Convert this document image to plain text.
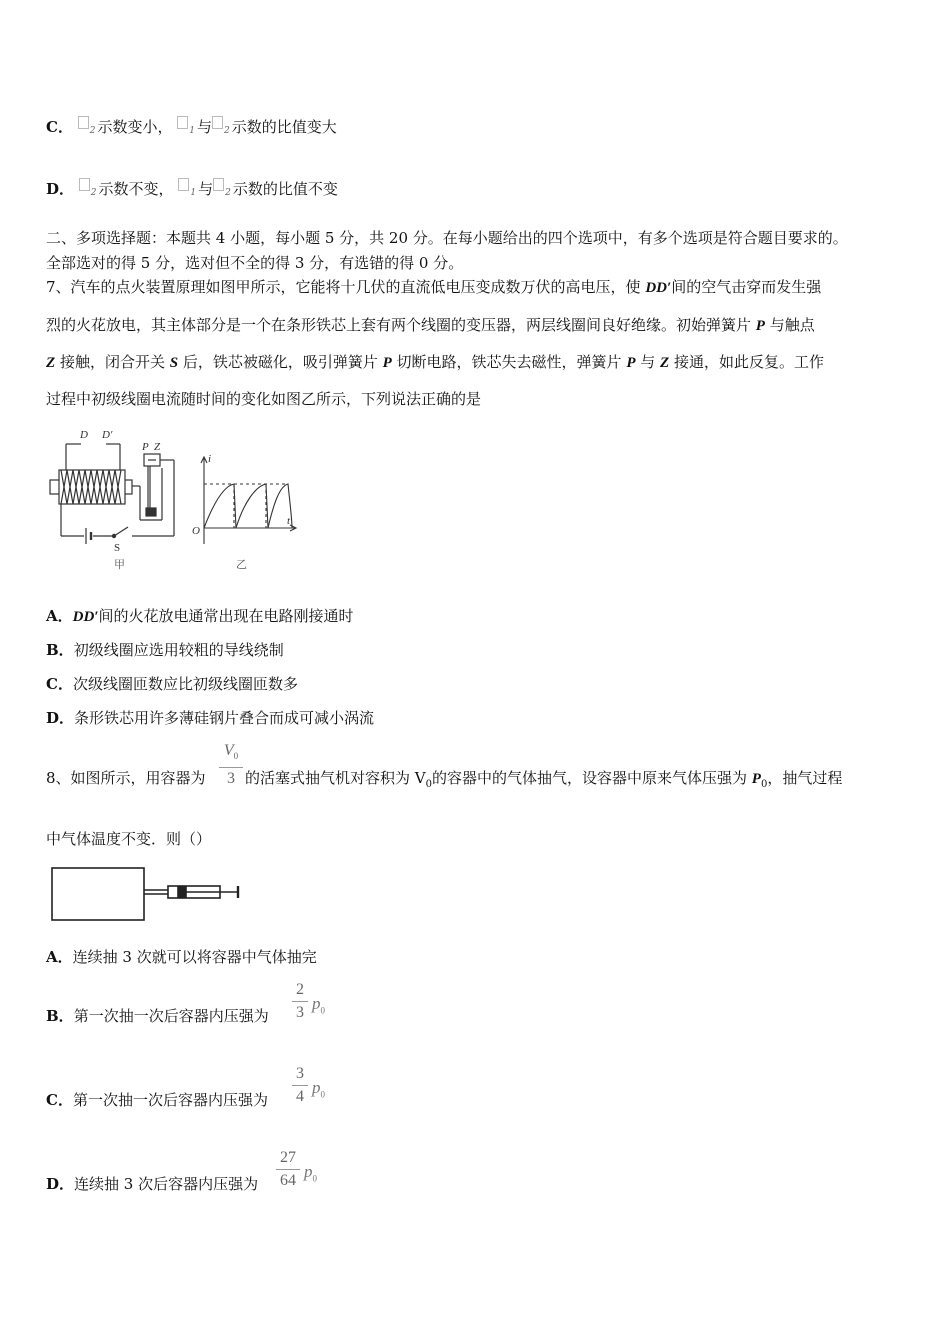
C． 2 示数变小， 1 与 2 示数的比值变大
D． 2 示数不变， 1 与 2 示数的比值不变
二、多项选择题：本题共 4 小题，每小题 5 分，共 20 分。在每小题给出的四个选项中，有多个选项是符合题目要求的。
全部选对的得 5 分，选对但不全的得 3 分，有选错的得 0 分。
7、汽车的点火装置原理如图甲所示，它能将十几伏的直流低电压变成数万伏的高电压，使 DD′间的空气击穿而发生强
烈的火花放电，其主体部分是一个在条形铁芯上套有两个线圈的变压器，两层线圈间良好绝缘。初始弹簧片 P 与触点
Z 接触，闭合开关 S 后，铁芯被磁化，吸引弹簧片 P 切断电路，铁芯失去磁性，弹簧片 P 与 Z 接通，如此反复。工作
过程中初级线圈电流随时间的变化如图乙所示，下列说法正确的是
D D′
P Z
S
甲
i
O
t
乙
A．DD′间的火花放电通常出现在电路刚接通时
B．初级线圈应选用较粗的导线绕制
C．次级线圈匝数应比初级线圈匝数多
D．条形铁芯用许多薄硅钢片叠合而成可减小涡流
8、如图所示，用容器为
$V_0$
3 的活塞式抽气机对容积为 $V_0$的容器中的气体抽气，设容器中原来气体压强为 $P_0$，抽气过程
中气体温度不变．则（）
A．连续抽 3 次就可以将容器中气体抽完
B．第一次抽一次后容器内压强为
2
3 $p_0$
C．第一次抽一次后容器内压强为
3
4 $p_0$
D．连续抽 3 次后容器内压强为
27
64 $p_0$
